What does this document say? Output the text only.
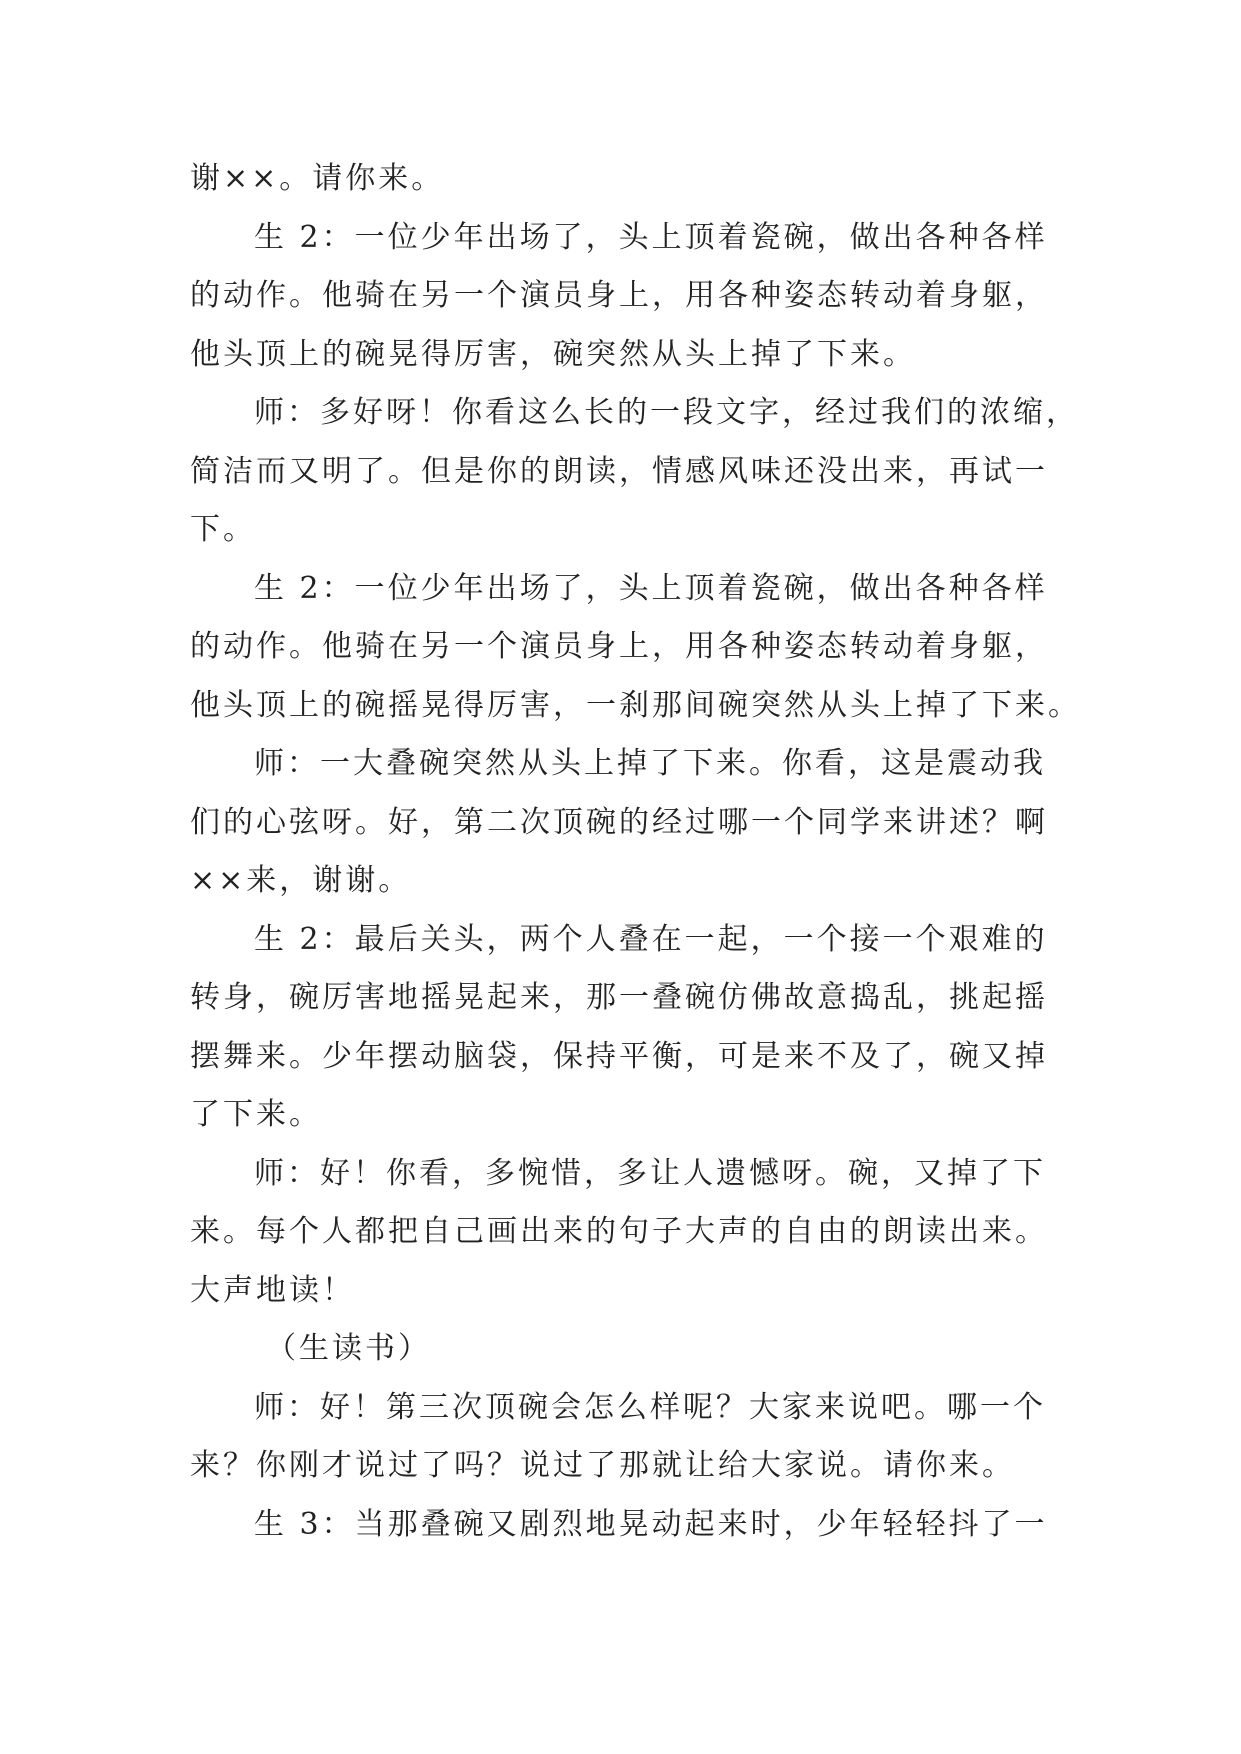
谢××。请你来。
生 2：一位少年出场了，头上顶着瓷碗，做出各种各样
的动作。他骑在另一个演员身上，用各种姿态转动着身躯，
他头顶上的碗晃得厉害，碗突然从头上掉了下来。
师：多好呀！你看这么长的一段文字，经过我们的浓缩，
简洁而又明了。但是你的朗读，情感风味还没出来，再试一
下。
生 2：一位少年出场了，头上顶着瓷碗，做出各种各样
的动作。他骑在另一个演员身上，用各种姿态转动着身躯，
他头顶上的碗摇晃得厉害，一刹那间碗突然从头上掉了下来。
师：一大叠碗突然从头上掉了下来。你看，这是震动我
们的心弦呀。好，第二次顶碗的经过哪一个同学来讲述？啊
××来，谢谢。
生 2：最后关头，两个人叠在一起，一个接一个艰难的
转身，碗厉害地摇晃起来，那一叠碗仿佛故意捣乱，挑起摇
摆舞来。少年摆动脑袋，保持平衡，可是来不及了，碗又掉
了下来。
师：好！你看，多惋惜，多让人遗憾呀。碗，又掉了下
来。每个人都把自己画出来的句子大声的自由的朗读出来。
大声地读！
（生读书）
师：好！第三次顶碗会怎么样呢？大家来说吧。哪一个
来？你刚才说过了吗？说过了那就让给大家说。请你来。
生 3：当那叠碗又剧烈地晃动起来时，少年轻轻抖了一
